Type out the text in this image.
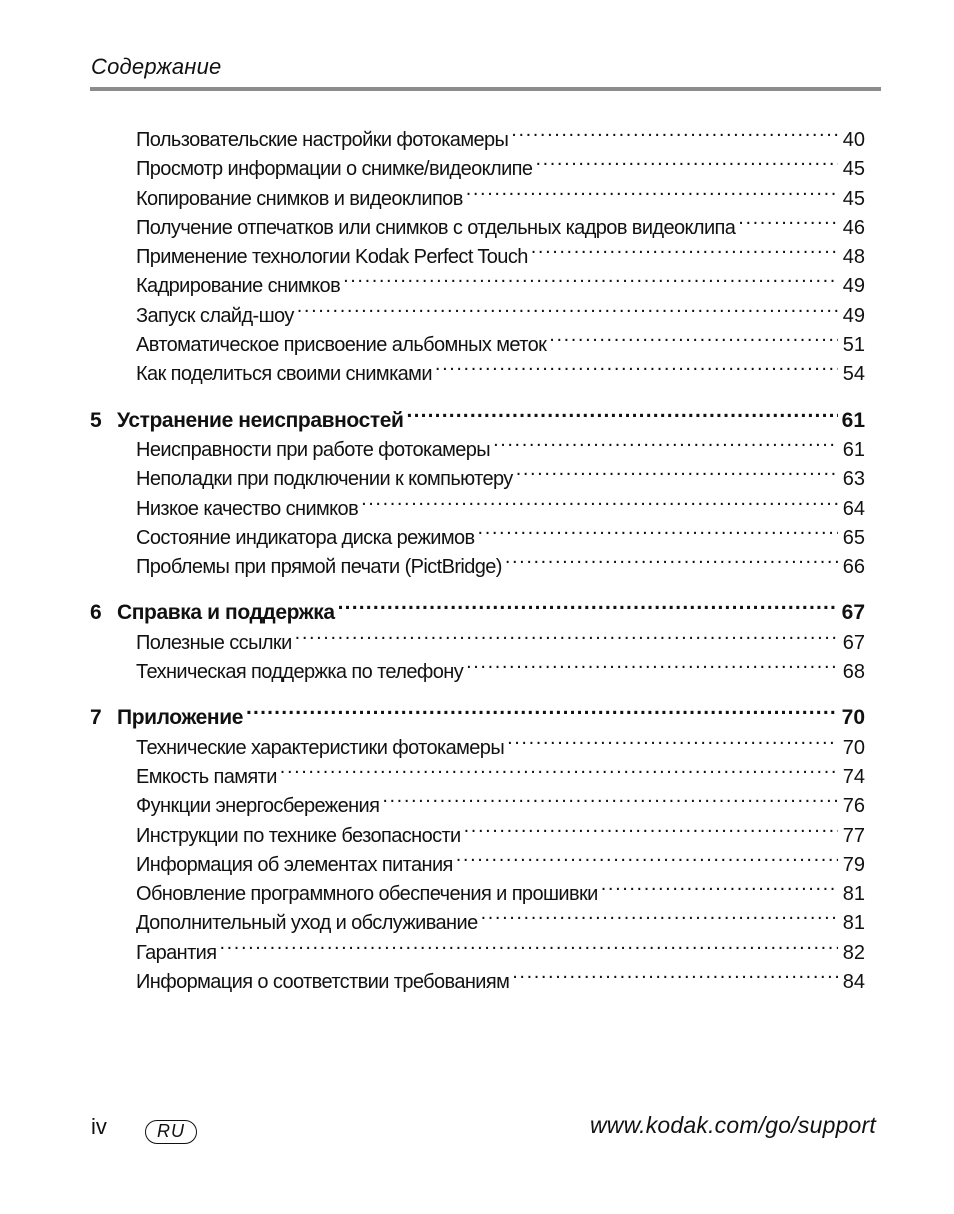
Содержание
Пользовательские настройки фотокамеры .....	40
Просмотр информации о снимке/видеоклипе .....	45
Копирование снимков и видеоклипов .....	45
Получение отпечатков или снимков с отдельных кадров видеоклипа .....	46
Применение технологии Kodak Perfect Touch .....	48
Кадрирование снимков .....	49
Запуск слайд-шоу .....	49
Автоматическое присвоение альбомных меток .....	51
Как поделиться своими снимками .....	54
5 Устранение неисправностей .....	61
Неисправности при работе фотокамеры .....	61
Неполадки при подключении к компьютеру .....	63
Низкое качество снимков .....	64
Состояние индикатора диска режимов .....	65
Проблемы при прямой печати (PictBridge) .....	66
6 Справка и поддержка .....	67
Полезные ссылки .....	67
Техническая поддержка по телефону .....	68
7 Приложение .....	70
Технические характеристики фотокамеры .....	70
Емкость памяти .....	74
Функции энергосбережения .....	76
Инструкции по технике безопасности .....	77
Информация об элементах питания .....	79
Обновление программного обеспечения и прошивки .....	81
Дополнительный уход и обслуживание .....	81
Гарантия .....	82
Информация о соответствии требованиям .....	84
iv	RU	www.kodak.com/go/support
